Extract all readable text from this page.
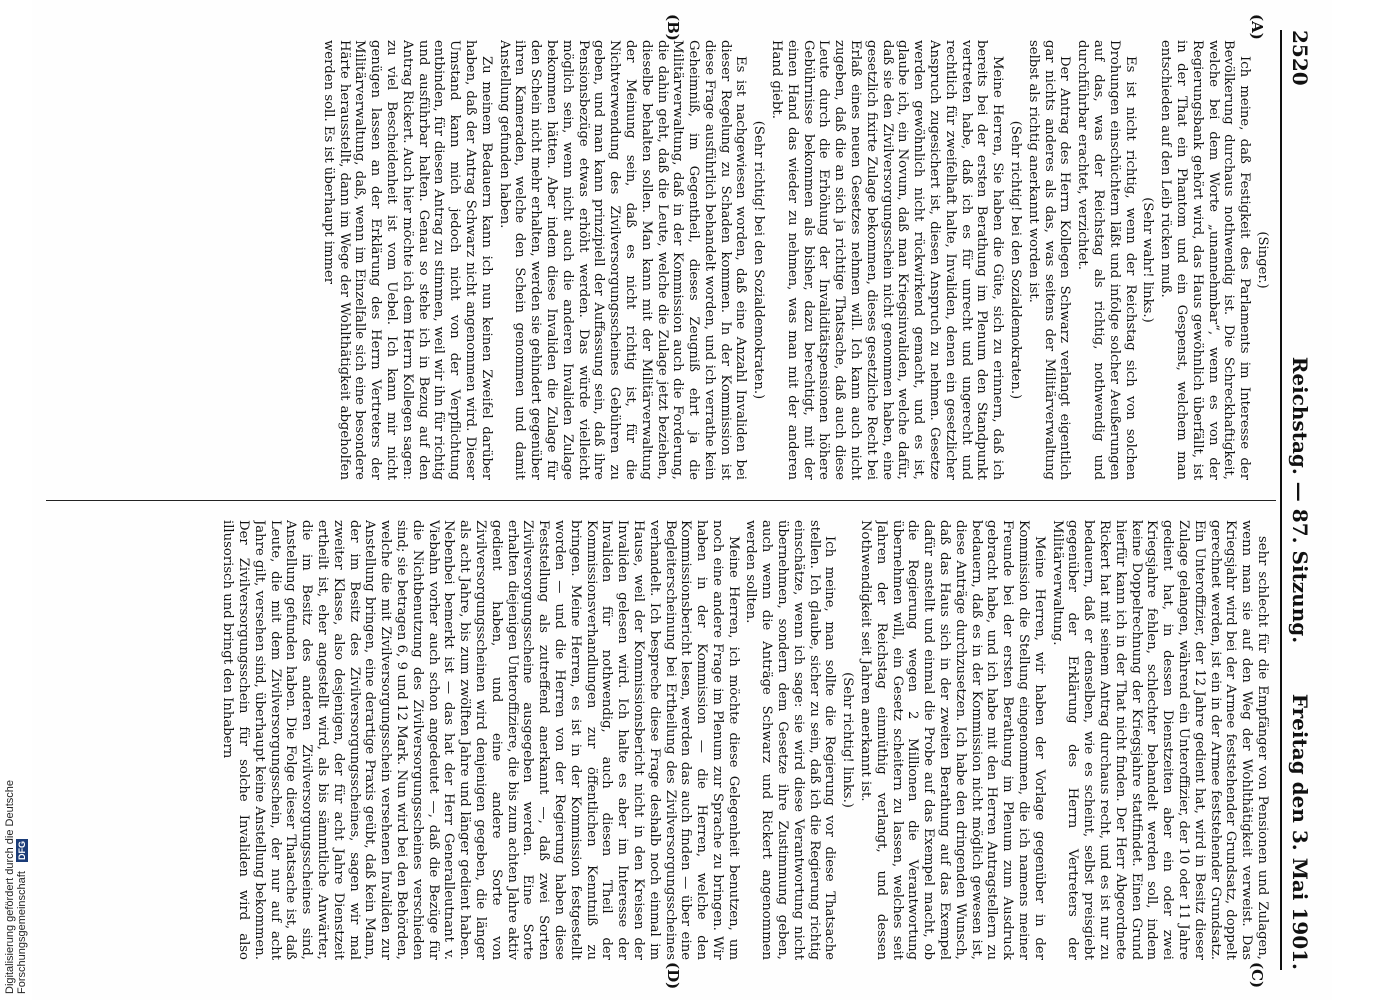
2520
Reichstag. — 87. Sitzung.
Freitag den 3. Mai 1901.
(A)
(B)
(C)
(D)

(Singer.)

Ich meine, daß Festigkeit des Parlaments im Interesse der Bevölkerung durchaus nothwendig ist. Die Schreckhaftigkeit, welche bei dem Worte „unannehmbar“, wenn es von der Regierungsbank gehört wird, das Haus gewöhnlich überfällt, ist in der That ein Phantom und ein Gespenst, welchem man entschieden auf den Leib rücken muß.

(Sehr wahr! links.)

Es ist nicht richtig, wenn der Reichstag sich von solchen Drohungen einschüchtern läßt und infolge solcher Aeußerungen auf das, was der Reichstag als richtig, nothwendig und durchführbar erachtet, verzichtet.

Der Antrag des Herrn Kollegen Schwarz verlangt eigentlich gar nichts anderes als das, was seitens der Militärverwaltung selbst als richtig anerkannt worden ist.

(Sehr richtig! bei den Sozialdemokraten.)

Meine Herren, Sie haben die Güte, sich zu erinnern, daß ich bereits bei der ersten Berathung im Plenum den Standpunkt vertreten habe, daß ich es für unrecht und ungerecht und rechtlich für zweifelhaft halte, Invaliden, denen ein gesetzlicher Anspruch zugesichert ist, diesen Anspruch zu nehmen. Gesetze werden gewöhnlich nicht rückwirkend gemacht, und es ist, glaube ich, ein Novum, daß man Kriegsinvaliden, welche dafür, daß sie den Zivilversorgungsschein nicht genommen haben, eine gesetzlich fixirte Zulage bekommen, dieses gesetzliche Recht bei Erlaß eines neuen Gesetzes nehmen will. Ich kann auch nicht zugeben, daß die an sich ja richtige Thatsache, daß auch diese Leute durch die Erhöhung der Invaliditätspensionen höhere Gebührnisse bekommen als bisher, dazu berechtigt, mit der einen Hand das wieder zu nehmen, was man mit der anderen Hand giebt.

(Sehr richtig! bei den Sozialdemokraten.)

Es ist nachgewiesen worden, daß eine Anzahl Invaliden bei dieser Regelung zu Schaden kommen. In der Kommission ist diese Frage ausführlich behandelt worden, und ich verrathe kein Geheimniß, im Gegentheil, dieses Zeugniß ehrt ja die Militärverwaltung, daß in der Kommission auch die Forderung, die dahin geht, daß die Leute, welche die Zulage jetzt beziehen, dieselbe behalten sollen. Man kann mit der Militärverwaltung der Meinung sein, daß es nicht richtig ist, für die Nichtverwendung des Zivilversorgungsscheines Gebühren zu geben, und man kann prinzipiell der Auffassung sein, daß ihre Pensionsbezüge etwas erhöht werden. Das würde vielleicht möglich sein, wenn nicht auch die anderen Invaliden Zulage bekommen hätten. Aber indem diese Invaliden die Zulage für den Schein nicht mehr erhalten, werden sie gehindert gegenüber ihren Kameraden, welche den Schein genommen und damit Anstellung gefunden haben.

Zu meinem Bedauern kann ich nun keinen Zweifel darüber haben, daß der Antrag Schwarz nicht angenommen wird. Dieser Umstand kann mich jedoch nicht von der Verpflichtung entbinden, für diesen Antrag zu stimmen, weil wir ihn für richtig und ausführbar halten. Genau so stehe ich in Bezug auf den Antrag Rickert. Auch hier möchte ich dem Herrn Kollegen sagen: zu viel Bescheidenheit ist vom Uebel. Ich kann mir nicht genügen lassen an der Erklärung des Herrn Vertreters der Militärverwaltung, daß, wenn im Einzelfalle sich eine besondere Härte herausstellt, dann im Wege der Wohlthätigkeit abgeholfen werden soll. Es ist überhaupt immer

sehr schlecht für die Empfänger von Pensionen und Zulagen, wenn man sie auf den Weg der Wohlthätigkeit verweist. Das Kriegsjahr wird bei der Armee feststehender Grundsatz, doppelt gerechnet werden, ist ein in der Armee feststehender Grundsatz. Ein Unteroffizier, der 12 Jahre gedient hat, wird in Besitz dieser Zulage gelangen, während ein Unteroffizier, der 10 oder 11 Jahre gedient hat, in dessen Dienstzeiten aber ein oder zwei Kriegsjahre fehlen, schlechter behandelt werden soll, indem keine Doppelrechnung der Kriegsjahre stattfindet. Einen Grund hierfür kann ich in der That nicht finden. Der Herr Abgeordnete Rickert hat mit seinem Antrag durchaus recht, und es ist nur zu bedauern, daß er denselben, wie es scheint, selbst preisgiebt gegenüber der Erklärung des Herrn Vertreters der Militärverwaltung.

Meine Herren, wir haben der Vorlage gegenüber in der Kommission die Stellung eingenommen, die ich namens meiner Freunde bei der ersten Berathung im Plenum zum Ausdruck gebracht habe, und ich habe mit den Herren Antragstellern zu bedauern, daß es in der Kommission nicht möglich gewesen ist, diese Anträge durchzusetzen. Ich habe den dringenden Wunsch, daß das Haus sich in der zweiten Berathung auf das Exempel dafür anstellt und einmal die Probe auf das Exempel macht, ob die Regierung wegen 2 Millionen die Verantwortung übernehmen will, ein Gesetz scheitern zu lassen, welches seit Jahren der Reichstag einmüthig verlangt, und dessen Nothwendigkeit seit Jahren anerkannt ist.

(Sehr richtig! links.)

Ich meine, man sollte die Regierung vor diese Thatsache stellen. Ich glaube, sicher zu sein, daß ich die Regierung richtig einschätze, wenn ich sage: sie wird diese Verantwortung nicht übernehmen, sondern dem Gesetze ihre Zustimmung geben, auch wenn die Anträge Schwarz und Rickert angenommen werden sollten.

Meine Herren, ich möchte diese Gelegenheit benutzen, um noch eine andere Frage im Plenum zur Sprache zu bringen. Wir haben in der Kommission — die Herren, welche den Kommissionsbericht lesen, werden das auch finden — über eine Begleiterscheinung bei Ertheilung des Zivilversorgungsscheines verhandelt. Ich bespreche diese Frage deshalb noch einmal im Hause, weil der Kommissionsbericht nicht in den Kreisen der Invaliden gelesen wird. Ich halte es aber im Interesse der Invaliden für nothwendig, auch diesen Theil der Kommissionsverhandlungen zur öffentlichen Kenntniß zu bringen. Meine Herren, es ist in der Kommission festgestellt worden — und die Herren von der Regierung haben diese Feststellung als zutreffend anerkannt —, daß zwei Sorten Zivilversorgungsscheine ausgegeben werden. Eine Sorte erhalten diejenigen Unteroffiziere, die bis zum achten Jahre aktiv gedient haben, und eine andere Sorte von Zivilversorgungsscheinen wird denjenigen gegeben, die länger als acht Jahre, bis zum zwölften Jahre und länger gedient haben. Nebenbei bemerkt ist — das hat der Herr Generalleutnant v. Viebahn vorher auch schon angedeutet —, daß die Bezüge für die Nichtbenutzung des Zivilversorgungsscheines verschieden sind; sie betragen 6, 9 und 12 Mark. Nun wird bei den Behörden, welche die mit Zivilversorgungsschein versehenen Invaliden zur Anstellung bringen, eine derartige Praxis geübt, daß kein Mann, der im Besitz des Zivilversorgungsscheines, sagen wir mal zweiter Klasse, also desjenigen, der für acht Jahre Dienstzeit ertheilt ist, eher angestellt wird, als bis sämmtliche Anwärter, die im Besitz des anderen Zivilversorgungsscheines sind, Anstellung gefunden haben. Die Folge dieser Thatsache ist, daß Leute, die mit dem Zivilversorgungsschein, der nur auf acht Jahre gilt, versehen sind, überhaupt keine Anstellung bekommen. Der Zivilversorgungsschein für solche Invaliden wird also illusorisch und bringt den Inhabern

Digitalisierung gefördert durch die Deutsche Forschungsgemeinschaft DFG
